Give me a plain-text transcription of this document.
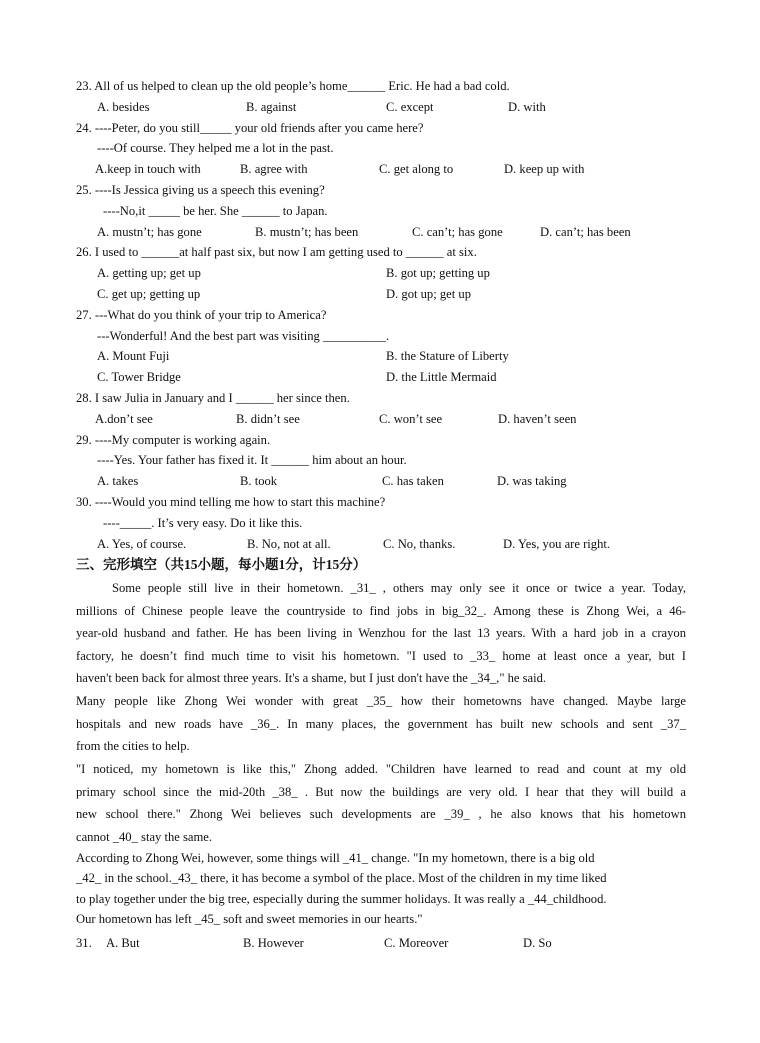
23. All of us helped to clean up the old people’s home______ Eric. He had a bad cold.
A. besides	B. against	C. except	D. with
24. ----Peter, do you still_____ your old friends after you came here?
----Of course. They helped me a lot in the past.
A.keep in touch with	B. agree with	C. get along to	D. keep up with
25. ----Is Jessica giving us a speech this evening?
----No,it _____ be her. She ______ to Japan.
A. mustn’t; has gone	B. mustn’t; has been	C. can’t; has gone	D. can’t; has been
26. I used to ______at half past six, but now I am getting used to ______ at six.
A. getting up; get up	B. got up; getting up
C. get up; getting up	D. got up; get up
27. ---What do you think of your trip to America?
---Wonderful! And the best part was visiting __________.
A. Mount Fuji	B. the Stature of Liberty
C. Tower Bridge	D. the Little Mermaid
28. I saw Julia in January and I ______ her since then.
A.don’t see	B. didn’t see	C. won’t see	D. haven’t seen
29. ----My computer is working again.
----Yes. Your father has fixed it. It ______ him about an hour.
A. takes	B. took	C. has taken	D. was taking
30. ----Would you mind telling me how to start this machine?
----_____. It’s very easy. Do it like this.
A. Yes, of course.	B. No, not at all.	C. No, thanks.	D. Yes, you are right.
三、完形填空（共15小题，每小题1分，计15分）
Some people still live in their hometown. _31_ , others may only see it once or twice a year. Today,
millions of Chinese people leave the countryside to find jobs in big_32_. Among these is Zhong Wei, a 46-
year-old husband and father. He has been living in Wenzhou for the last 13 years. With a hard job in a crayon
factory, he doesn’t find much time to visit his hometown. "I used to _33_ home at least once a year, but I
haven't been back for almost three years. It's a shame, but I just don't have the _34_," he said.
Many people like Zhong Wei wonder with great _35_ how their hometowns have changed. Maybe large
hospitals and new roads have _36_. In many places, the government has built new schools and sent _37_
from the cities to help.
"I noticed, my hometown is like this," Zhong added. "Children have learned to read and count at my old
primary school since the mid-20th _38_ . But now the buildings are very old. I hear that they will build a
new school there." Zhong Wei believes such developments are _39_ , he also knows that his hometown
cannot _40_ stay the same.
According to Zhong Wei, however, some things will _41_ change. "In my hometown, there is a big old
_42_ in the school._43_ there, it has become a symbol of the place. Most of the children in my time liked
to play together under the big tree, especially during the summer holidays. It was really a _44_childhood.
Our hometown has left _45_ soft and sweet memories in our hearts."
31. A. But	B. However	C. Moreover	D. So
